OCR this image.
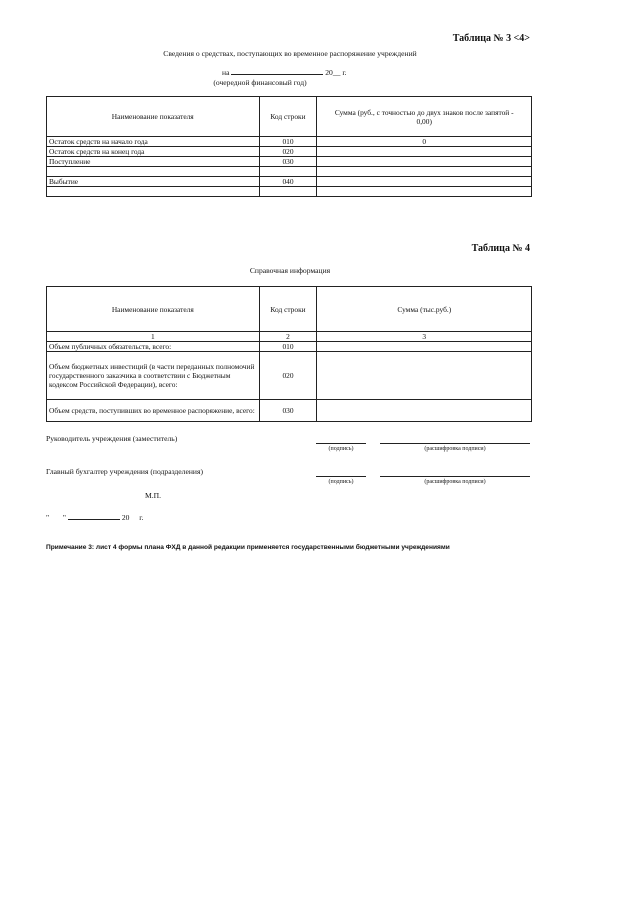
Таблица № 3 <4>
Сведения о средствах, поступающих во временное распоряжение учреждений
на	20__ г.
(очередной финансовый год)
Наименование показателя	Код строки	Сумма (руб., с точностью до двух знаков после запятой - 0,00)
Остаток средств на начало года	010	0
Остаток средств на конец года	020	
Поступление	030	

Выбытие	040	

Таблица № 4
Справочная информация
Наименование показателя	Код строки	Сумма (тыс.руб.)
1	2	3
Объем публичных обязательств, всего:	010	
Объем бюджетных инвестиций (в части переданных полномочий государственного заказчика в соответствии с Бюджетным кодексом Российской Федерации), всего:	020	
Объем средств, поступивших во временное распоряжение, всего:	030	
Руководитель учреждения (заместитель)
(подпись)	(расшифровка подписи)
Главный бухгалтер учреждения (подразделения)
(подпись)	(расшифровка подписи)
М.П.
" "	20 г.
Примечание 3: лист 4 формы плана ФХД в данной редакции применяется государственными бюджетными учреждениями
